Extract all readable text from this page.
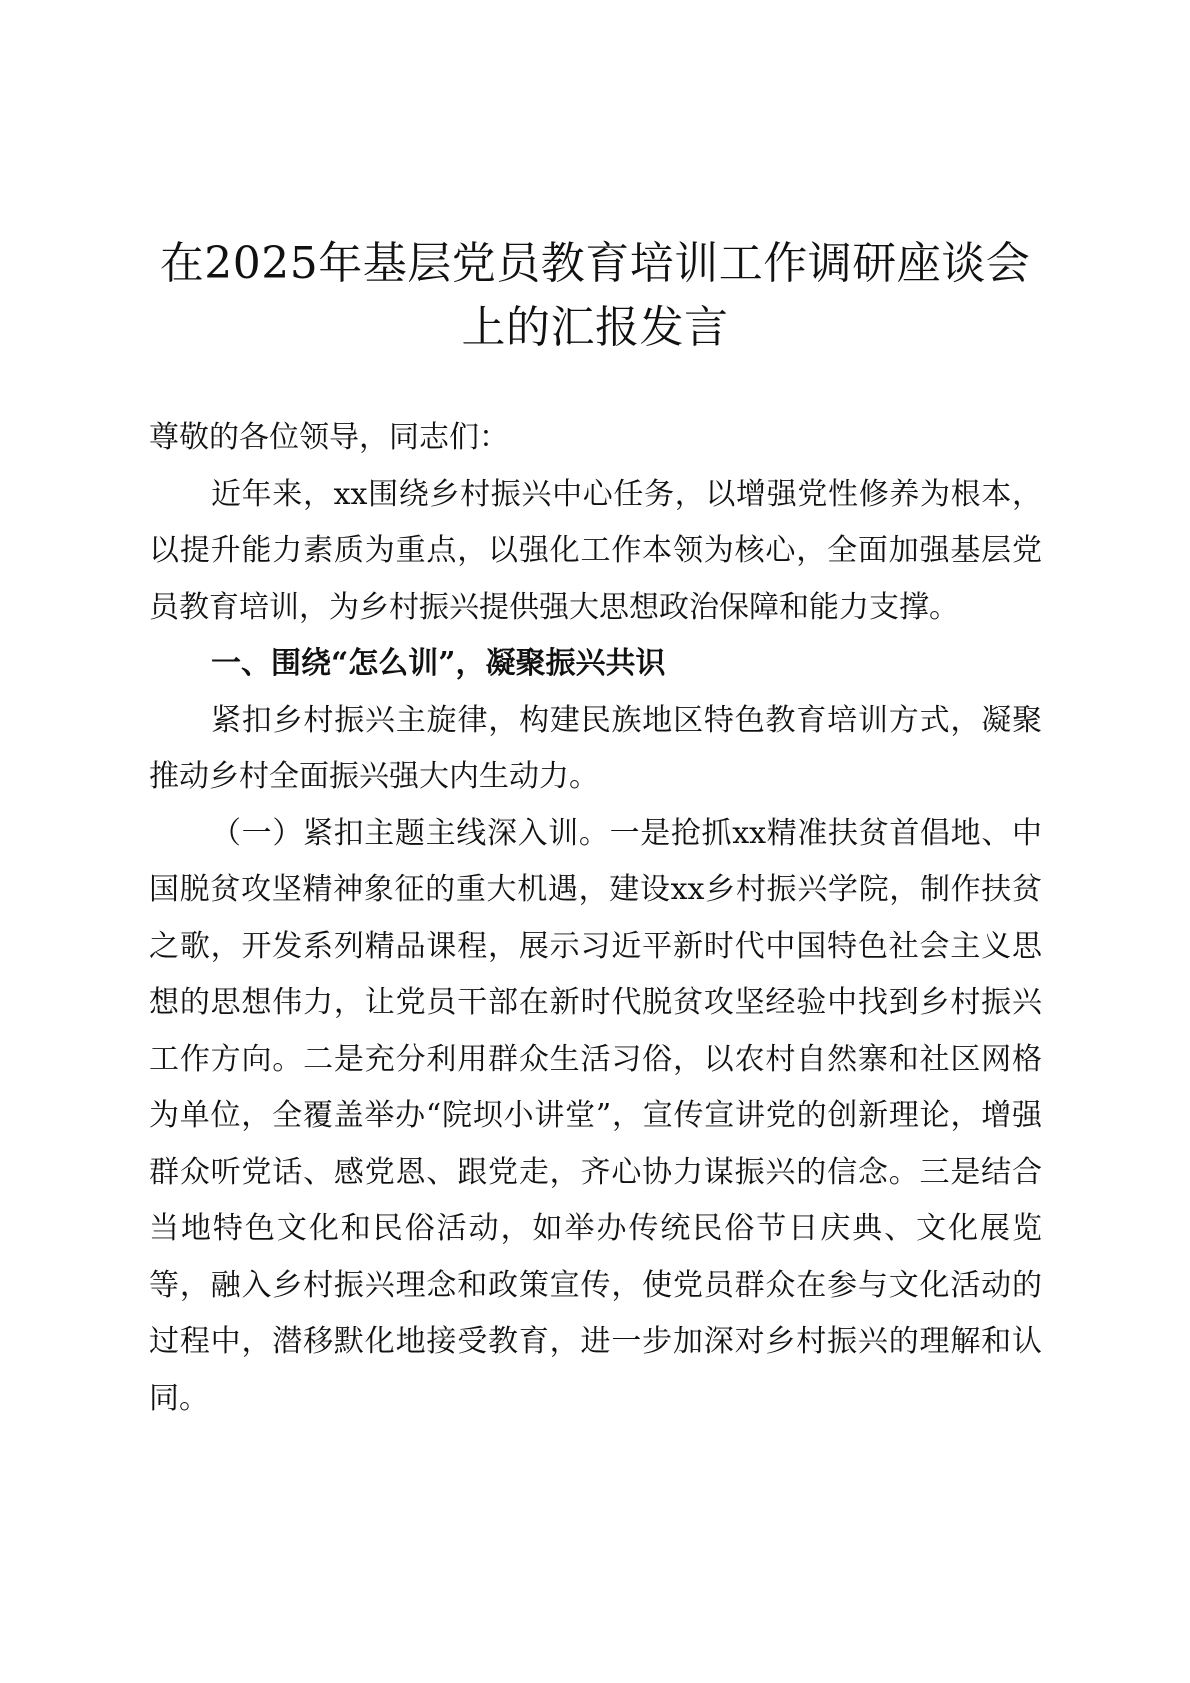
在2025年基层党员教育培训工作调研座谈会
上的汇报发言

尊敬的各位领导，同志们：

近年来，xx围绕乡村振兴中心任务，以增强党性修养为根本，以提升能力素质为重点，以强化工作本领为核心，全面加强基层党员教育培训，为乡村振兴提供强大思想政治保障和能力支撑。

一、围绕“怎么训”，凝聚振兴共识

紧扣乡村振兴主旋律，构建民族地区特色教育培训方式，凝聚推动乡村全面振兴强大内生动力。

（一）紧扣主题主线深入训。一是抢抓xx精准扶贫首倡地、中国脱贫攻坚精神象征的重大机遇，建设xx乡村振兴学院，制作扶贫之歌，开发系列精品课程，展示习近平新时代中国特色社会主义思想的思想伟力，让党员干部在新时代脱贫攻坚经验中找到乡村振兴工作方向。二是充分利用群众生活习俗，以农村自然寨和社区网格为单位，全覆盖举办“院坝小讲堂”，宣传宣讲党的创新理论，增强群众听党话、感党恩、跟党走，齐心协力谋振兴的信念。三是结合当地特色文化和民俗活动，如举办传统民俗节日庆典、文化展览等，融入乡村振兴理念和政策宣传，使党员群众在参与文化活动的过程中，潜移默化地接受教育，进一步加深对乡村振兴的理解和认同。
